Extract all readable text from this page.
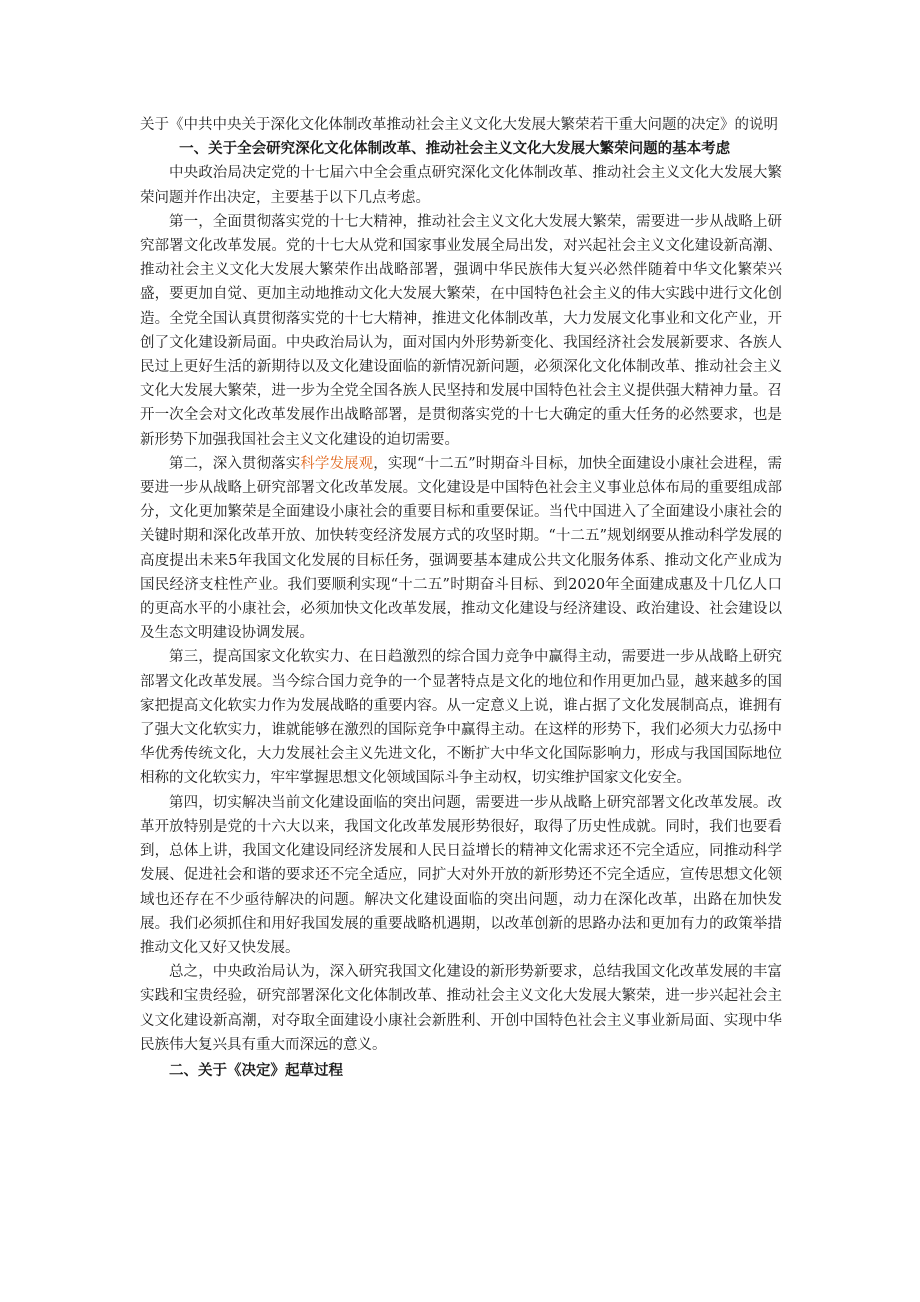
关于《中共中央关于深化文化体制改革推动社会主义文化大发展大繁荣若干重大问题的决定》的说明

一、关于全会研究深化文化体制改革、推动社会主义文化大发展大繁荣问题的基本考虑

中央政治局决定党的十七届六中全会重点研究深化文化体制改革、推动社会主义文化大发展大繁荣问题并作出决定，主要基于以下几点考虑。

第一，全面贯彻落实党的十七大精神，推动社会主义文化大发展大繁荣，需要进一步从战略上研究部署文化改革发展。党的十七大从党和国家事业发展全局出发，对兴起社会主义文化建设新高潮、推动社会主义文化大发展大繁荣作出战略部署，强调中华民族伟大复兴必然伴随着中华文化繁荣兴盛，要更加自觉、更加主动地推动文化大发展大繁荣，在中国特色社会主义的伟大实践中进行文化创造。全党全国认真贯彻落实党的十七大精神，推进文化体制改革，大力发展文化事业和文化产业，开创了文化建设新局面。中央政治局认为，面对国内外形势新变化、我国经济社会发展新要求、各族人民过上更好生活的新期待以及文化建设面临的新情况新问题，必须深化文化体制改革、推动社会主义文化大发展大繁荣，进一步为全党全国各族人民坚持和发展中国特色社会主义提供强大精神力量。召开一次全会对文化改革发展作出战略部署，是贯彻落实党的十七大确定的重大任务的必然要求，也是新形势下加强我国社会主义文化建设的迫切需要。

第二，深入贯彻落实科学发展观，实现“十二五”时期奋斗目标，加快全面建设小康社会进程，需要进一步从战略上研究部署文化改革发展。文化建设是中国特色社会主义事业总体布局的重要组成部分，文化更加繁荣是全面建设小康社会的重要目标和重要保证。当代中国进入了全面建设小康社会的关键时期和深化改革开放、加快转变经济发展方式的攻坚时期。“十二五”规划纲要从推动科学发展的高度提出未来5年我国文化发展的目标任务，强调要基本建成公共文化服务体系、推动文化产业成为国民经济支柱性产业。我们要顺利实现“十二五”时期奋斗目标、到2020年全面建成惠及十几亿人口的更高水平的小康社会，必须加快文化改革发展，推动文化建设与经济建设、政治建设、社会建设以及生态文明建设协调发展。

第三，提高国家文化软实力、在日趋激烈的综合国力竞争中赢得主动，需要进一步从战略上研究部署文化改革发展。当今综合国力竞争的一个显著特点是文化的地位和作用更加凸显，越来越多的国家把提高文化软实力作为发展战略的重要内容。从一定意义上说，谁占据了文化发展制高点，谁拥有了强大文化软实力，谁就能够在激烈的国际竞争中赢得主动。在这样的形势下，我们必须大力弘扬中华优秀传统文化，大力发展社会主义先进文化，不断扩大中华文化国际影响力，形成与我国国际地位相称的文化软实力，牢牢掌握思想文化领域国际斗争主动权，切实维护国家文化安全。

第四，切实解决当前文化建设面临的突出问题，需要进一步从战略上研究部署文化改革发展。改革开放特别是党的十六大以来，我国文化改革发展形势很好，取得了历史性成就。同时，我们也要看到，总体上讲，我国文化建设同经济发展和人民日益增长的精神文化需求还不完全适应，同推动科学发展、促进社会和谐的要求还不完全适应，同扩大对外开放的新形势还不完全适应，宣传思想文化领域也还存在不少亟待解决的问题。解决文化建设面临的突出问题，动力在深化改革，出路在加快发展。我们必须抓住和用好我国发展的重要战略机遇期，以改革创新的思路办法和更加有力的政策举措推动文化又好又快发展。

总之，中央政治局认为，深入研究我国文化建设的新形势新要求，总结我国文化改革发展的丰富实践和宝贵经验，研究部署深化文化体制改革、推动社会主义文化大发展大繁荣，进一步兴起社会主义文化建设新高潮，对夺取全面建设小康社会新胜利、开创中国特色社会主义事业新局面、实现中华民族伟大复兴具有重大而深远的意义。

二、关于《决定》起草过程
